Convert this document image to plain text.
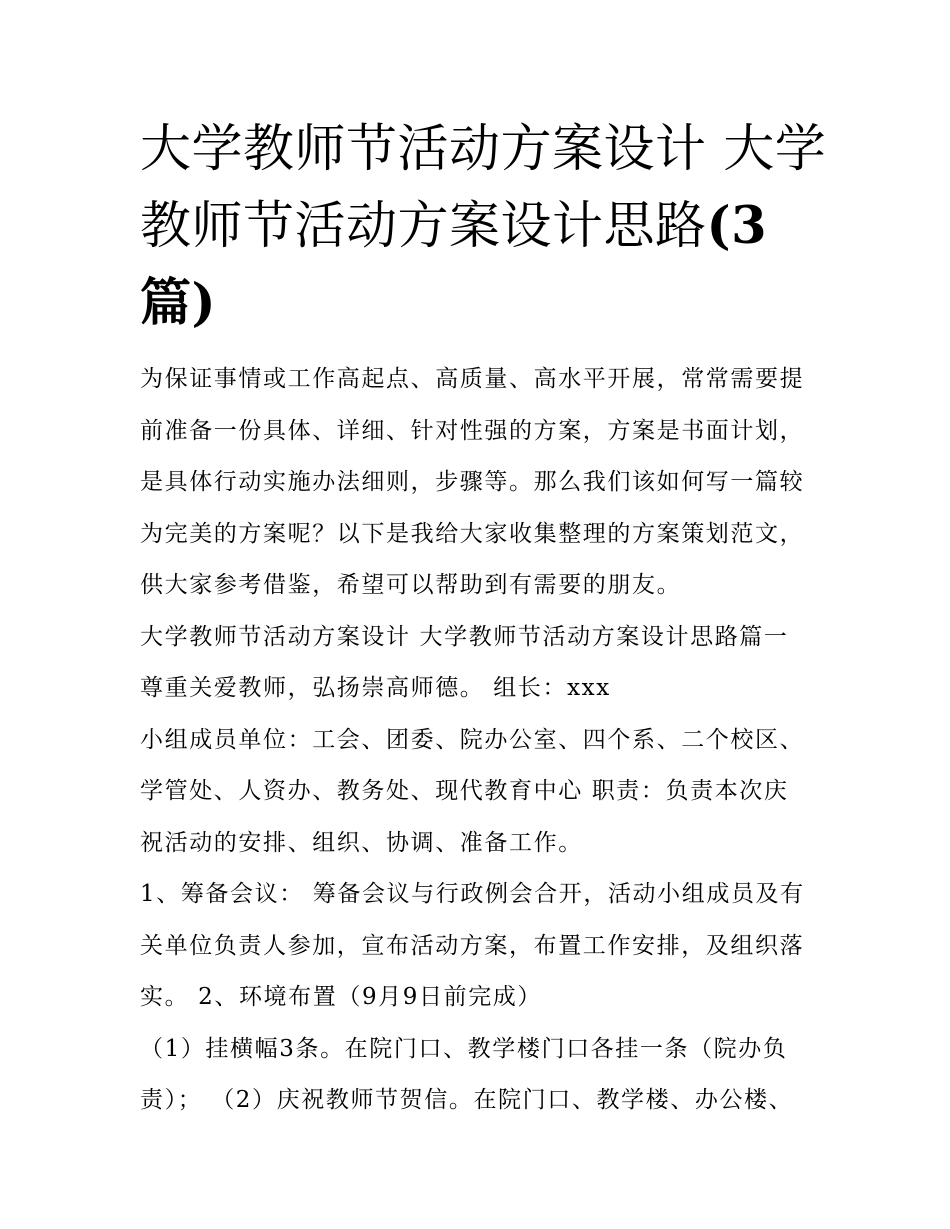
大学教师节活动方案设计 大学
教师节活动方案设计思路(3
篇)
为保证事情或工作高起点、高质量、高水平开展，常常需要提
前准备一份具体、详细、针对性强的方案，方案是书面计划，
是具体行动实施办法细则，步骤等。那么我们该如何写一篇较
为完美的方案呢？以下是我给大家收集整理的方案策划范文，
供大家参考借鉴，希望可以帮助到有需要的朋友。
大学教师节活动方案设计 大学教师节活动方案设计思路篇一
尊重关爱教师，弘扬崇高师德。 组长：xxx
小组成员单位：工会、团委、院办公室、四个系、二个校区、
学管处、人资办、教务处、现代教育中心 职责：负责本次庆
祝活动的安排、组织、协调、准备工作。
1、筹备会议： 筹备会议与行政例会合开，活动小组成员及有
关单位负责人参加，宣布活动方案，布置工作安排，及组织落
实。 2、环境布置（9月9日前完成）
（1）挂横幅3条。在院门口、教学楼门口各挂一条（院办负
责）； （2）庆祝教师节贺信。在院门口、教学楼、办公楼、
